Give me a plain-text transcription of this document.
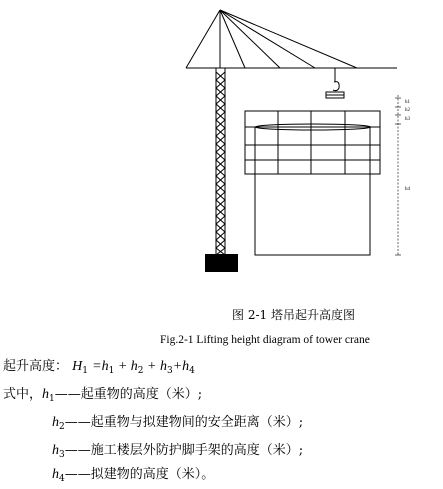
h1
h2
h3
h4
图 2-1 塔吊起升高度图
Fig.2-1 Lifting height diagram of tower crane
起升高度： $H_1 =h_1 + h_2 + h_3+h_4$
式中，$h_1——$起重物的高度（米）;
$h_2——$起重物与拟建物间的安全距离（米）;
$h_3——$施工楼层外防护脚手架的高度（米）;
$h_4——$拟建物的高度（米）。
